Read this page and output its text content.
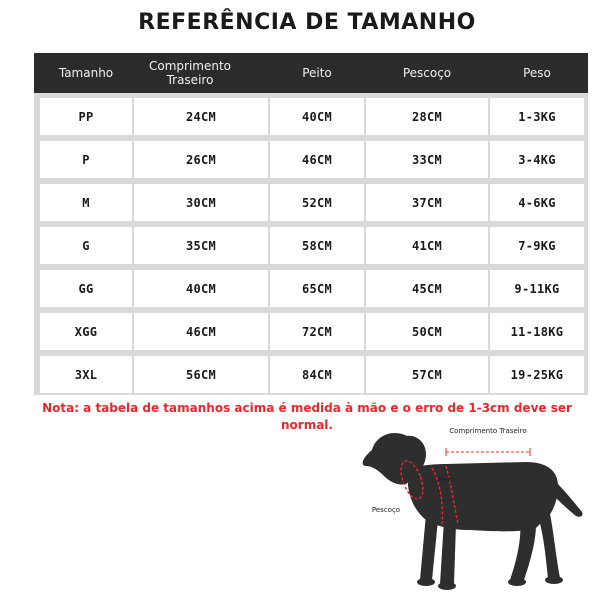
REFERÊNCIA DE TAMANHO
Tamanho	Comprimento Traseiro	Peito	Pescoço	Peso
PP	24CM	40CM	28CM	1-3KG
P	26CM	46CM	33CM	3-4KG
M	30CM	52CM	37CM	4-6KG
G	35CM	58CM	41CM	7-9KG
GG	40CM	65CM	45CM	9-11KG
XGG	46CM	72CM	50CM	11-18KG
3XL	56CM	84CM	57CM	19-25KG
Nota: a tabela de tamanhos acima é medida à mão e o erro de 1-3cm deve ser normal.	Comprimento Traseiro
Peito
Pescoço
